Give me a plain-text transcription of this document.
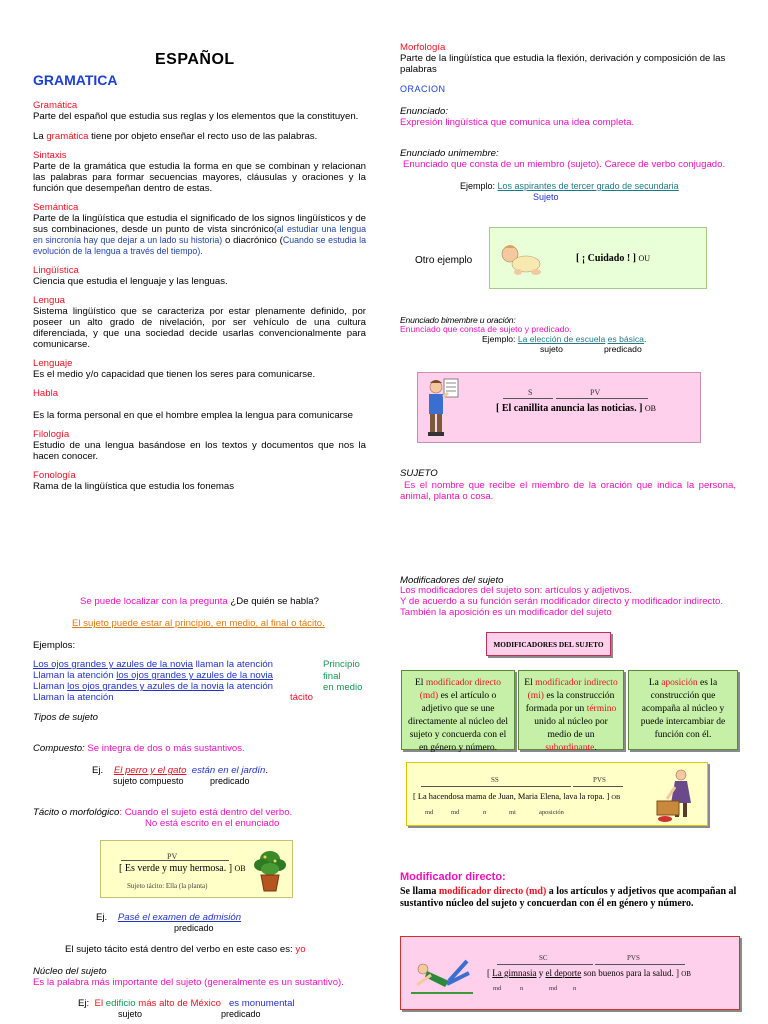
ESPAÑOL
GRAMATICA
Gramática
Parte del español que estudia sus reglas y los elementos que la constituyen.
La gramática tiene por objeto enseñar el recto uso de las palabras.
Sintaxis
Parte de la gramática que estudia la forma en que se combinan y relacionan las palabras para formar secuencias mayores, cláusulas y oraciones y la función que desempeñan dentro de estas.
Semántica
Parte de la lingüística que estudia el significado de los signos lingüísticos y de sus combinaciones, desde un punto de vista sincrónico(al estudiar una lengua en sincronía hay que dejar a un lado su historia) o diacrónico (Cuando se estudia la evolución de la lengua a través del tiempo).
Lingüística
Ciencia que estudia el lenguaje y las lenguas.
Lengua
Sistema lingüístico que se caracteriza por estar plenamente definido, por poseer un alto grado de nivelación, por ser vehículo de una cultura diferenciada, y que una sociedad decide usarlas convencionalmente para comunicarse.
Lenguaje
Es el medio y/o capacidad que tienen los seres para comunicarse.
Habla
Es la forma personal en que el hombre emplea la lengua para comunicarse
Filología
Estudio de una lengua basándose en los textos y documentos que nos la hacen conocer.
Fonología
Rama de la lingüística que estudia los fonemas
Se puede localizar con la pregunta ¿De quién se habla?
El sujeto puede estar al principio, en medio, al final o tácito.
Ejemplos:
Los ojos grandes y azules de la novia llaman la atención	Principio
Llaman la atención los ojos grandes y azules de la novia	final
Llaman los ojos grandes y azules de la novia la atención	en medio
Llaman la atención	tácito
Tipos de sujeto
Compuesto: Se integra de dos o más sustantivos.
Ej. El perro y el gato están en el jardín.
sujeto compuesto	predicado
Tácito o morfológico: Cuando el sujeto está dentro del verbo.
No está escrito en el enunciado
PV
[ Es verde y muy hermosa. ] OB
Sujeto tácito: Ella (la planta)
Ej. Pasé el examen de admisión
predicado
El sujeto tácito está dentro del verbo en este caso es: yo
Núcleo del sujeto
Es la palabra más importante del sujeto (generalmente es un sustantivo).
Ej: El edificio más alto de México es monumental
sujeto	predicado
Morfología
Parte de la lingüística que estudia la flexión, derivación y composición de las palabras
ORACION
Enunciado:
Expresión lingüística que comunica una idea completa.
Enunciado unimembre:
Enunciado que consta de un miembro (sujeto). Carece de verbo conjugado.
Ejemplo: Los aspirantes de tercer grado de secundaria
Sujeto
Otro ejemplo	[ ¡ Cuidado ! ] OU
Enunciado bimembre u oración:
Enunciado que consta de sujeto y predicado.
Ejemplo: La elección de escuela es básica.
sujeto	predicado
S	PV
[ El canillita anuncia las noticias. ] OB
SUJETO
Es el nombre que recibe el miembro de la oración que indica la persona, animal, planta o cosa.
Modificadores del sujeto
Los modificadores del sujeto son: artículos y adjetivos.
Y de acuerdo a su función serán modificador directo y modificador indirecto.
También la aposición es un modificador del sujeto
MODIFICADORES DEL SUJETO
El modificador directo (md) es el artículo o adjetivo que se une directamente al núcleo del sujeto y concuerda con el en género y número.
El modificador indirecto (mi) es la construcción formada por un término unido al núcleo por medio de un subordinante.
La aposición es la construcción que acompaña al núcleo y puede intercambiar de función con él.
SS	PVS
[ La hacendosa mama de Juan, Maria Elena, lava la ropa. ] OB
md	md	n	mi	aposición
Modificador directo:
Se llama modificador directo (md) a los artículos y adjetivos que acompañan al sustantivo núcleo del sujeto y concuerdan con él en género y número.
SC	PVS
[ La gimnasia y el deporte son buenos para la salud. ] OB
md	n	md n
